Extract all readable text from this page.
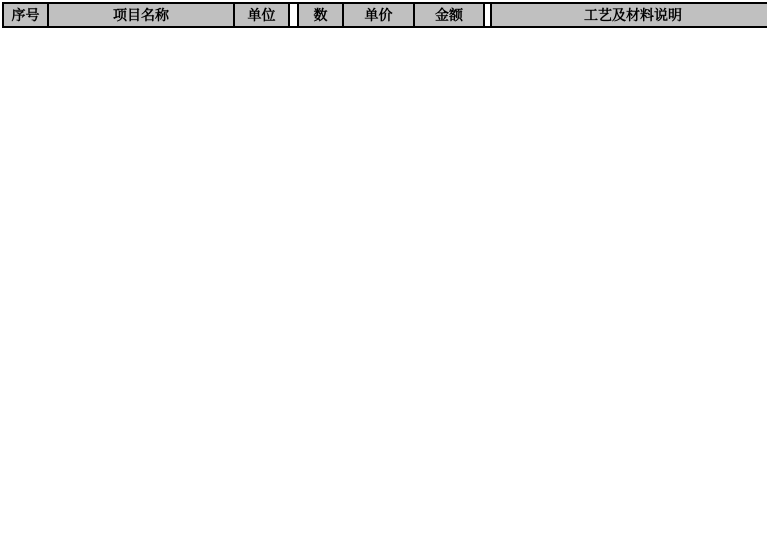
序号	项目名称	单位		数	单价	金额		工艺及材料说明
